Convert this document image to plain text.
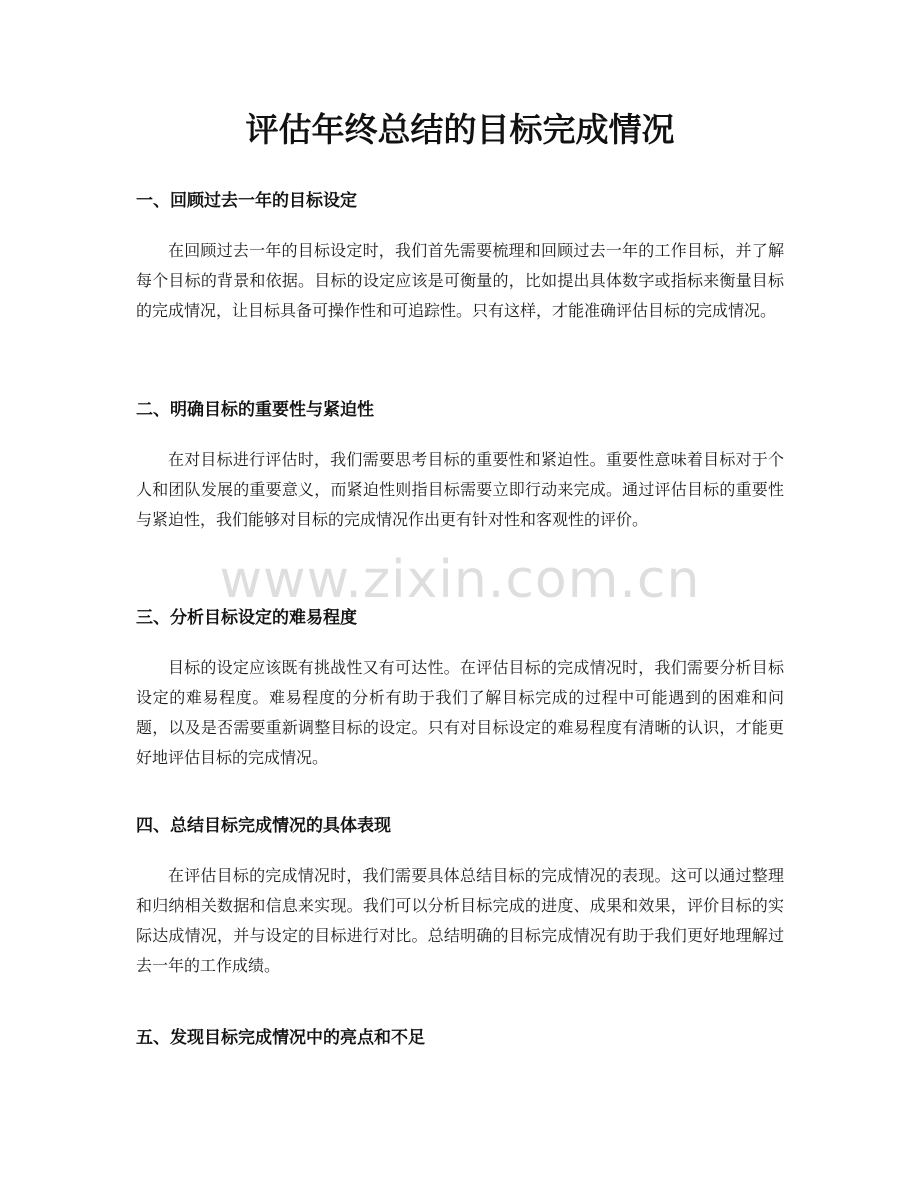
评估年终总结的目标完成情况
一、回顾过去一年的目标设定

在回顾过去一年的目标设定时，我们首先需要梳理和回顾过去一年的工作目标，并了解每个目标的背景和依据。目标的设定应该是可衡量的，比如提出具体数字或指标来衡量目标的完成情况，让目标具备可操作性和可追踪性。只有这样，才能准确评估目标的完成情况。

二、明确目标的重要性与紧迫性

在对目标进行评估时，我们需要思考目标的重要性和紧迫性。重要性意味着目标对于个人和团队发展的重要意义，而紧迫性则指目标需要立即行动来完成。通过评估目标的重要性与紧迫性，我们能够对目标的完成情况作出更有针对性和客观性的评价。

三、分析目标设定的难易程度

目标的设定应该既有挑战性又有可达性。在评估目标的完成情况时，我们需要分析目标设定的难易程度。难易程度的分析有助于我们了解目标完成的过程中可能遇到的困难和问题，以及是否需要重新调整目标的设定。只有对目标设定的难易程度有清晰的认识，才能更好地评估目标的完成情况。

四、总结目标完成情况的具体表现

在评估目标的完成情况时，我们需要具体总结目标的完成情况的表现。这可以通过整理和归纳相关数据和信息来实现。我们可以分析目标完成的进度、成果和效果，评价目标的实际达成情况，并与设定的目标进行对比。总结明确的目标完成情况有助于我们更好地理解过去一年的工作成绩。

五、发现目标完成情况中的亮点和不足
www.zixin.com.cn
